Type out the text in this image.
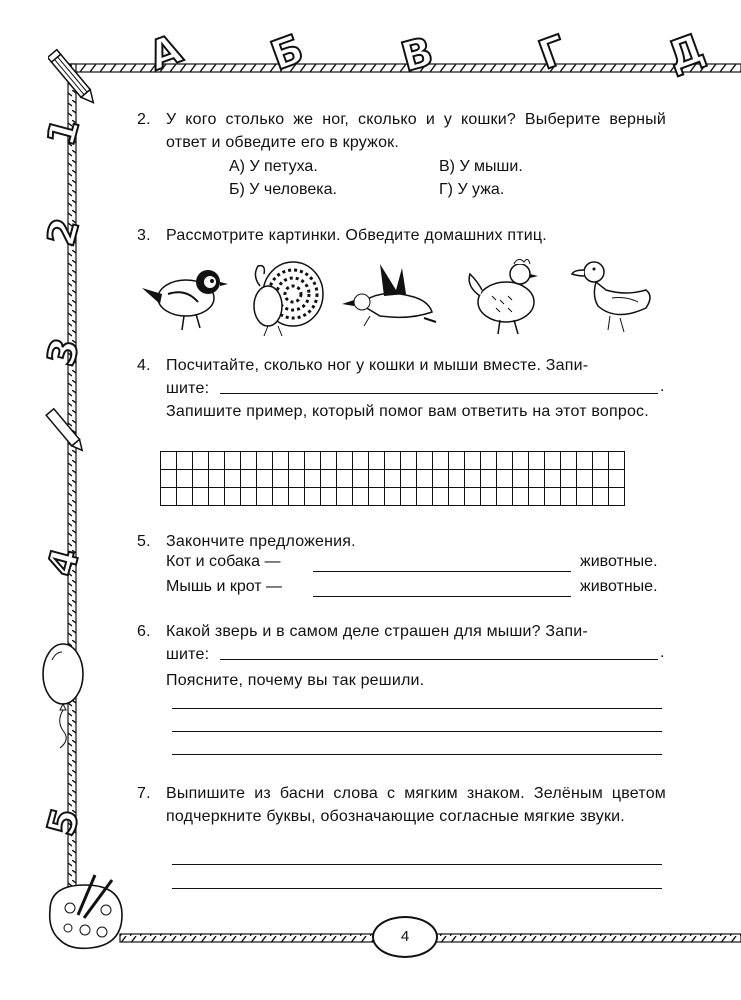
А Б В Г Д
1
2
3
4
5
2. У кого столько же ног, сколько и у кошки? Выберите верный ответ и обведите его в кружок.
А) У петуха.	В) У мыши.
Б) У человека.	Г) У ужа.
3. Рассмотрите картинки. Обведите домашних птиц.
4. Посчитайте, сколько ног у кошки и мыши вместе. Запи-
шите:	.
Запишите пример, который помог вам ответить на этот вопрос.

5. Закончите предложения.
Кот и собака —	животные.
Мышь и крот —	животные.
6. Какой зверь и в самом деле страшен для мыши? Запи-
шите:	.
Поясните, почему вы так решили.
7. Выпишите из басни слова с мягким знаком. Зелёным цветом подчеркните буквы, обозначающие согласные мягкие звуки.
4
